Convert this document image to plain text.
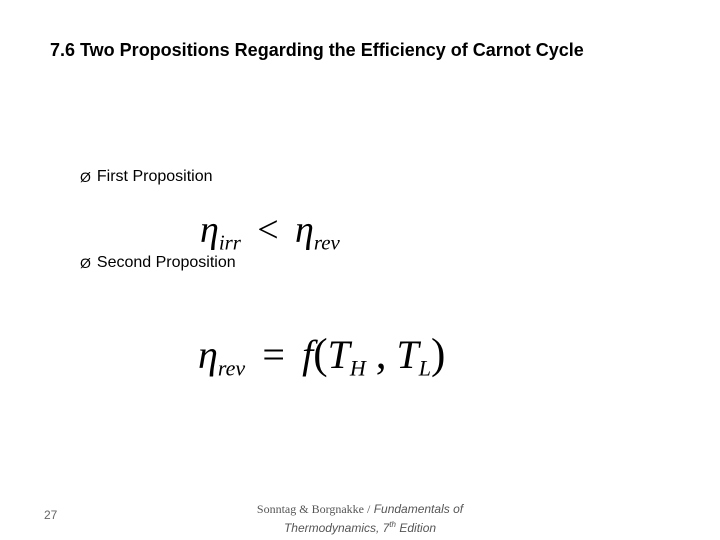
7.6 Two Propositions Regarding the Efficiency of Carnot Cycle
Ø First Proposition
$\eta_{irr} < \eta_{rev}$
Ø Second Proposition
$\eta_{rev} = f(T_H$ , $T_L$)
27	Sonntag & Borgnakke / Fundamentals of
Thermodynamics, 7th Edition
